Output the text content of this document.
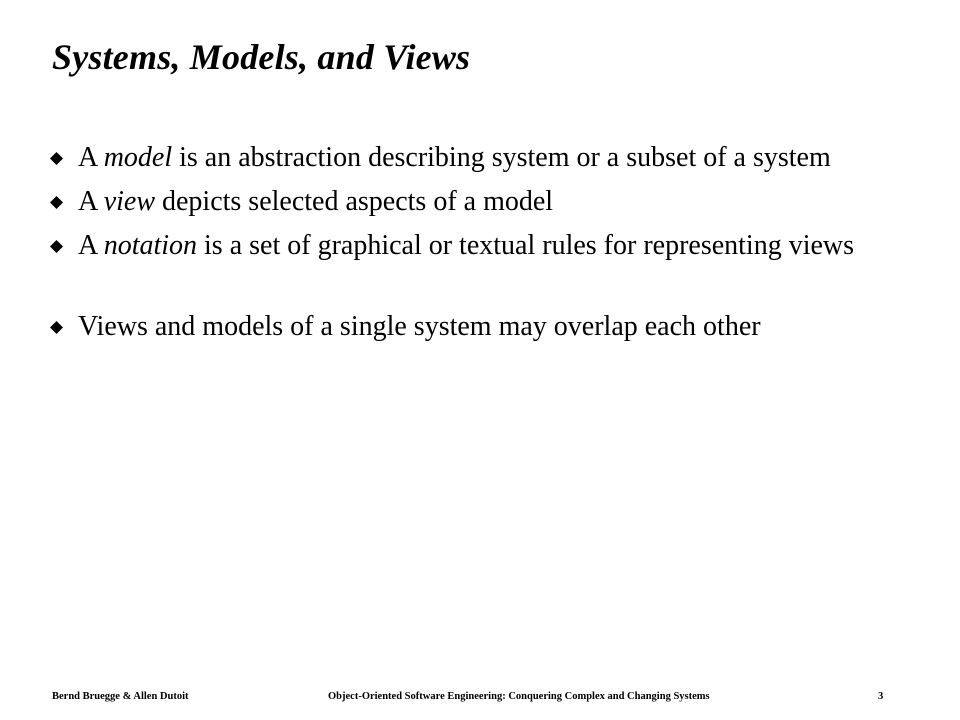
Systems, Models, and Views
A model is an abstraction describing system or a subset of a system
A view depicts selected aspects of a model
A notation is a set of graphical or textual rules for representing views
Views and models of a single system may overlap each other
Bernd Bruegge & Allen Dutoit	Object-Oriented Software Engineering: Conquering Complex and Changing Systems	3
